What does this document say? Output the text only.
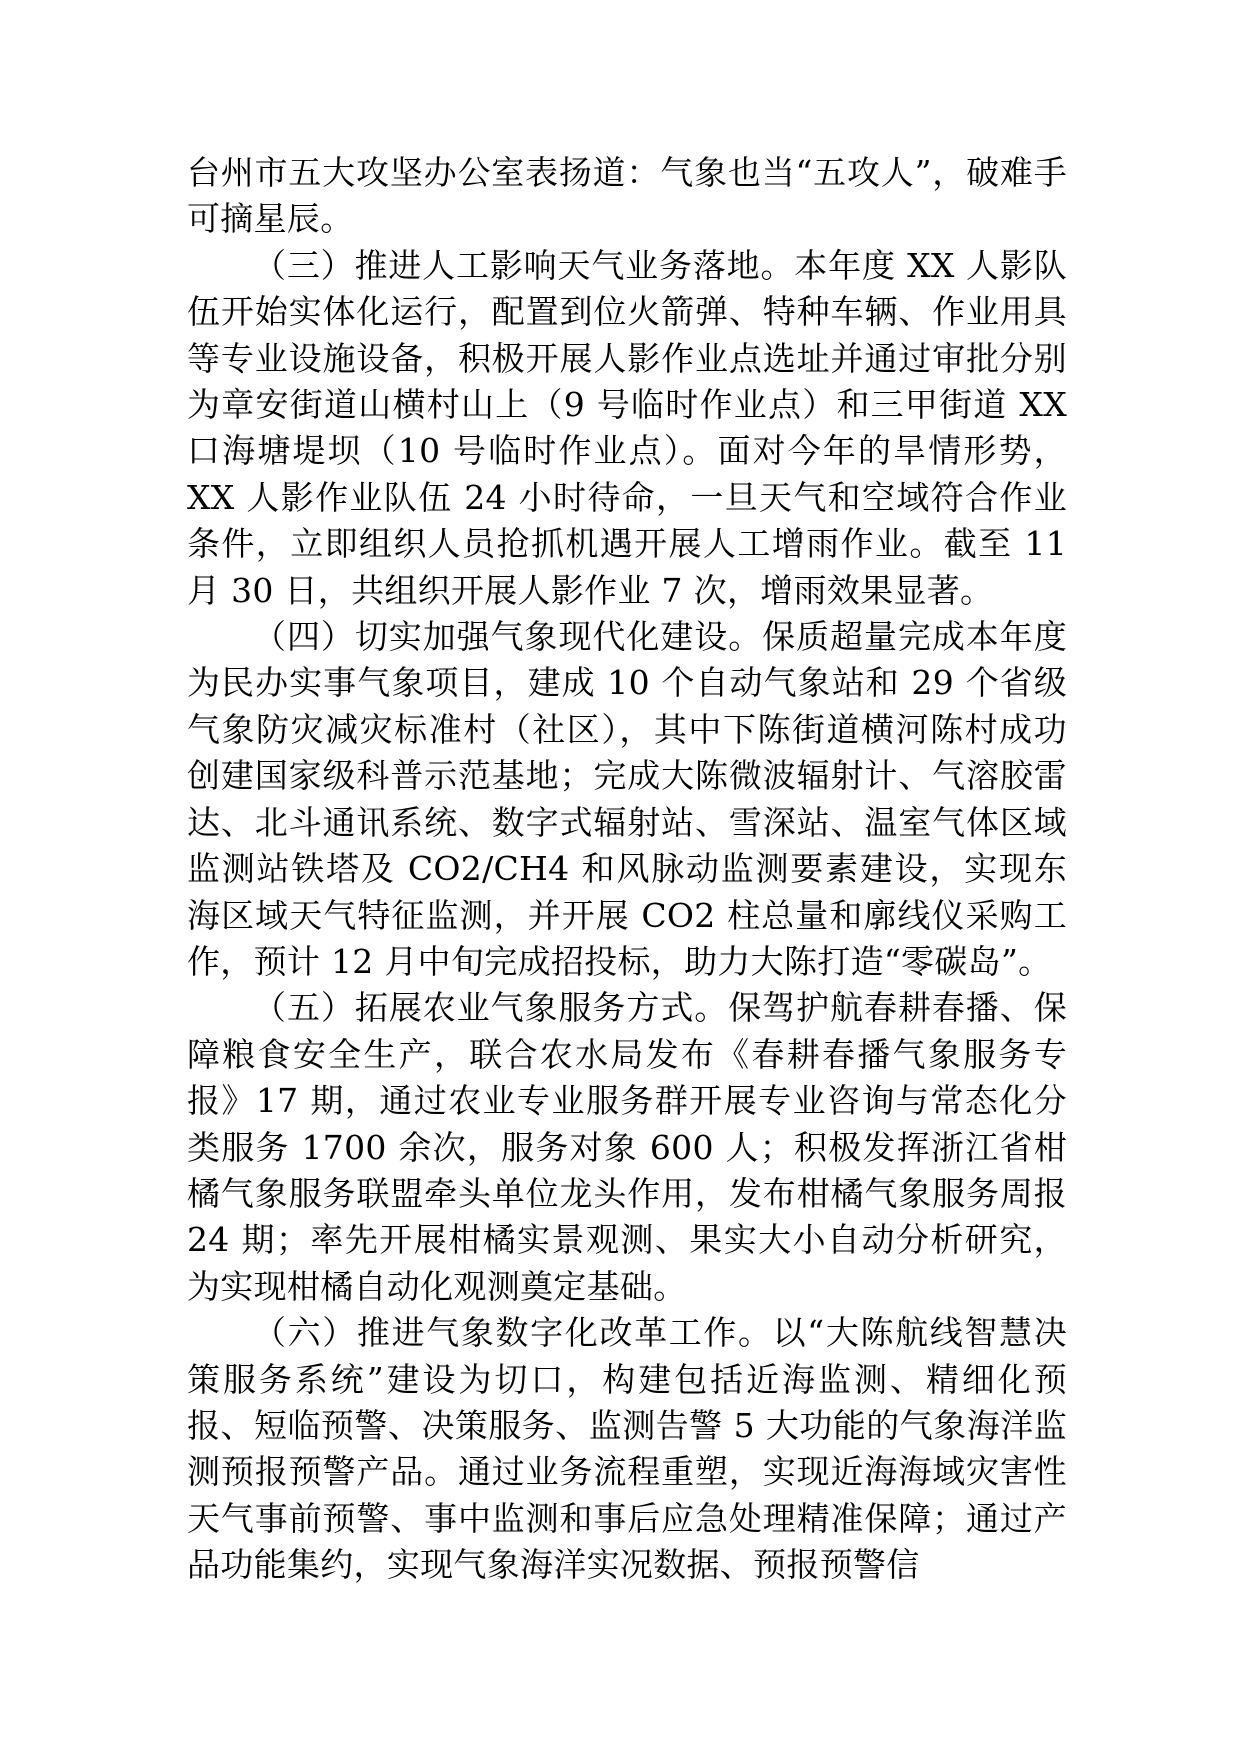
台州市五大攻坚办公室表扬道：气象也当“五攻人”，破难手可摘星辰。

（三）推进人工影响天气业务落地。本年度 XX 人影队伍开始实体化运行，配置到位火箭弹、特种车辆、作业用具等专业设施设备，积极开展人影作业点选址并通过审批分别为章安街道山横村山上（9 号临时作业点）和三甲街道 XX 口海塘堤坝（10 号临时作业点）。面对今年的旱情形势，XX 人影作业队伍 24 小时待命，一旦天气和空域符合作业条件，立即组织人员抢抓机遇开展人工增雨作业。截至 11 月 30 日，共组织开展人影作业 7 次，增雨效果显著。

（四）切实加强气象现代化建设。保质超量完成本年度为民办实事气象项目，建成 10 个自动气象站和 29 个省级气象防灾减灾标准村（社区），其中下陈街道横河陈村成功创建国家级科普示范基地；完成大陈微波辐射计、气溶胶雷达、北斗通讯系统、数字式辐射站、雪深站、温室气体区域监测站铁塔及 CO2/CH4 和风脉动监测要素建设，实现东海区域天气特征监测，并开展 CO2 柱总量和廓线仪采购工作，预计 12 月中旬完成招投标，助力大陈打造“零碳岛”。

（五）拓展农业气象服务方式。保驾护航春耕春播、保障粮食安全生产，联合农水局发布《春耕春播气象服务专报》17 期，通过农业专业服务群开展专业咨询与常态化分类服务 1700 余次，服务对象 600 人；积极发挥浙江省柑橘气象服务联盟牵头单位龙头作用，发布柑橘气象服务周报 24 期；率先开展柑橘实景观测、果实大小自动分析研究，为实现柑橘自动化观测奠定基础。

（六）推进气象数字化改革工作。以“大陈航线智慧决策服务系统”建设为切口，构建包括近海监测、精细化预报、短临预警、决策服务、监测告警 5 大功能的气象海洋监测预报预警产品。通过业务流程重塑，实现近海海域灾害性天气事前预警、事中监测和事后应急处理精准保障；通过产品功能集约，实现气象海洋实况数据、预报预警信
